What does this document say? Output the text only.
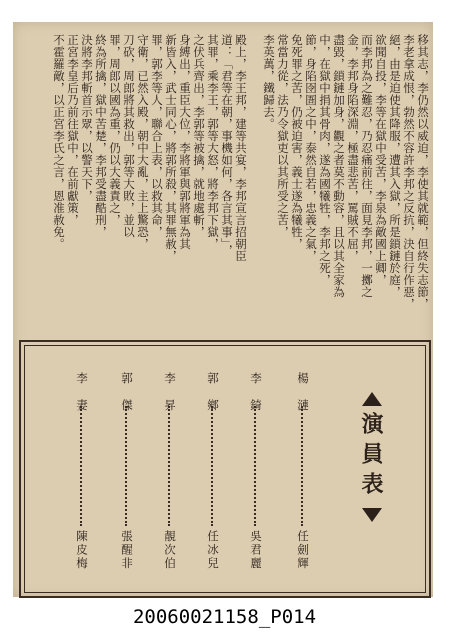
移其志，李仍然以威迫，李使其就範，但終失志節，
李老拿成恨，勃然不容許李邦之反抗，決自行作惡，
絕，由是迫使其降服，遭其入獄，所是鎖鏈於庭，
欲聞自投，李等在獄中受苦，李泉為敵國上卿，
而李邦為之難忍，乃忍痛前往，面見李邦，一擲之
金，李邦身陷深淵，極盡悲苦，罵賊不屈，
盡毀，鎖鏈加身，觀之者莫不動容，且以其全家為
中，在獄中捐其骨肉，遂為國犧牲，李邦之死，
節，身陷囹圄之中，泰然自若，忠義之氣，
免死罪之苦，仍被迫害，義士遂為犧牲，
常當力從，法乃令獄吏以其所受之苦，
李英萬，鐵歸去。
殿上，李王邦，建等共宴，李邦宣言招朝臣
道：「君等在朝，事機如何，各言其事」，
其罪，乘李王，郭等大怒，將李邦下獄，
之伏兵齊出，李郭等被擒，就地處斬，
身縛出，重臣大位，李將軍與郭將軍為其
新皆入，武士同心，將郭所殺，其罪無赦，
罪，郭李等人，聯合上表，以救其命，
守衛，已然入殿，朝中大亂，主上驚恐，
刀砍，周郎將其救出，郭等大敗，並以
罪，周郎以國為重，仍以大義責之，
終為所擒，獄中苦楚，李邦受盡酷刑，
決將李邦斬首示眾，以警天下，
正宮李皇后乃前往獄中，在前獻策，
不霍羅敵，以正宮李氏之言，恩准赦免。
演員表
楊　漣
任劍輝
李　錡
吳君麗
郭　鄉
任冰兒
李　昇
靚次伯
郭　傑
張醒非
李　妻
陳皮梅
20060021158_P014
